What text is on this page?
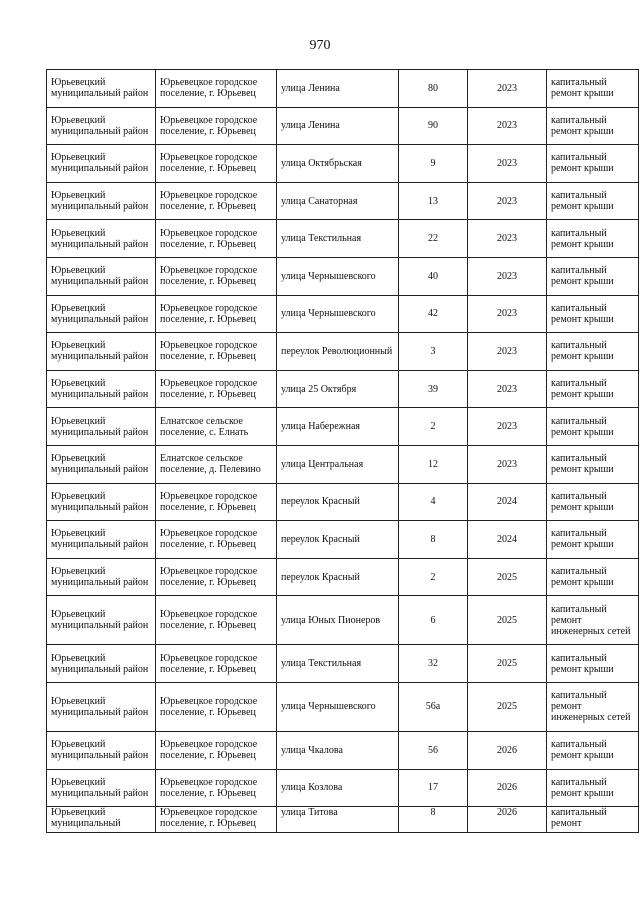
970
Юрьевецкий муниципальный район	Юрьевецкое городское поселение, г. Юрьевец	улица Ленина	80	2023	капитальный ремонт крыши
Юрьевецкий муниципальный район	Юрьевецкое городское поселение, г. Юрьевец	улица Ленина	90	2023	капитальный ремонт крыши
Юрьевецкий муниципальный район	Юрьевецкое городское поселение, г. Юрьевец	улица Октябрьская	9	2023	капитальный ремонт крыши
Юрьевецкий муниципальный район	Юрьевецкое городское поселение, г. Юрьевец	улица Санаторная	13	2023	капитальный ремонт крыши
Юрьевецкий муниципальный район	Юрьевецкое городское поселение, г. Юрьевец	улица Текстильная	22	2023	капитальный ремонт крыши
Юрьевецкий муниципальный район	Юрьевецкое городское поселение, г. Юрьевец	улица Чернышевского	40	2023	капитальный ремонт крыши
Юрьевецкий муниципальный район	Юрьевецкое городское поселение, г. Юрьевец	улица Чернышевского	42	2023	капитальный ремонт крыши
Юрьевецкий муниципальный район	Юрьевецкое городское поселение, г. Юрьевец	переулок Революционный	3	2023	капитальный ремонт крыши
Юрьевецкий муниципальный район	Юрьевецкое городское поселение, г. Юрьевец	улица 25 Октября	39	2023	капитальный ремонт крыши
Юрьевецкий муниципальный район	Елнатское сельское поселение, с. Елнать	улица Набережная	2	2023	капитальный ремонт крыши
Юрьевецкий муниципальный район	Елнатское сельское поселение, д. Пелевино	улица Центральная	12	2023	капитальный ремонт крыши
Юрьевецкий муниципальный район	Юрьевецкое городское поселение, г. Юрьевец	переулок Красный	4	2024	капитальный ремонт крыши
Юрьевецкий муниципальный район	Юрьевецкое городское поселение, г. Юрьевец	переулок Красный	8	2024	капитальный ремонт крыши
Юрьевецкий муниципальный район	Юрьевецкое городское поселение, г. Юрьевец	переулок Красный	2	2025	капитальный ремонт крыши
Юрьевецкий муниципальный район	Юрьевецкое городское поселение, г. Юрьевец	улица Юных Пионеров	6	2025	капитальный ремонт инженерных сетей
Юрьевецкий муниципальный район	Юрьевецкое городское поселение, г. Юрьевец	улица Текстильная	32	2025	капитальный ремонт крыши
Юрьевецкий муниципальный район	Юрьевецкое городское поселение, г. Юрьевец	улица Чернышевского	56а	2025	капитальный ремонт инженерных сетей
Юрьевецкий муниципальный район	Юрьевецкое городское поселение, г. Юрьевец	улица Чкалова	56	2026	капитальный ремонт крыши
Юрьевецкий муниципальный район	Юрьевецкое городское поселение, г. Юрьевец	улица Козлова	17	2026	капитальный ремонт крыши
Юрьевецкий муниципальный	Юрьевецкое городское поселение, г. Юрьевец	улица Титова	8	2026	капитальный ремонт
